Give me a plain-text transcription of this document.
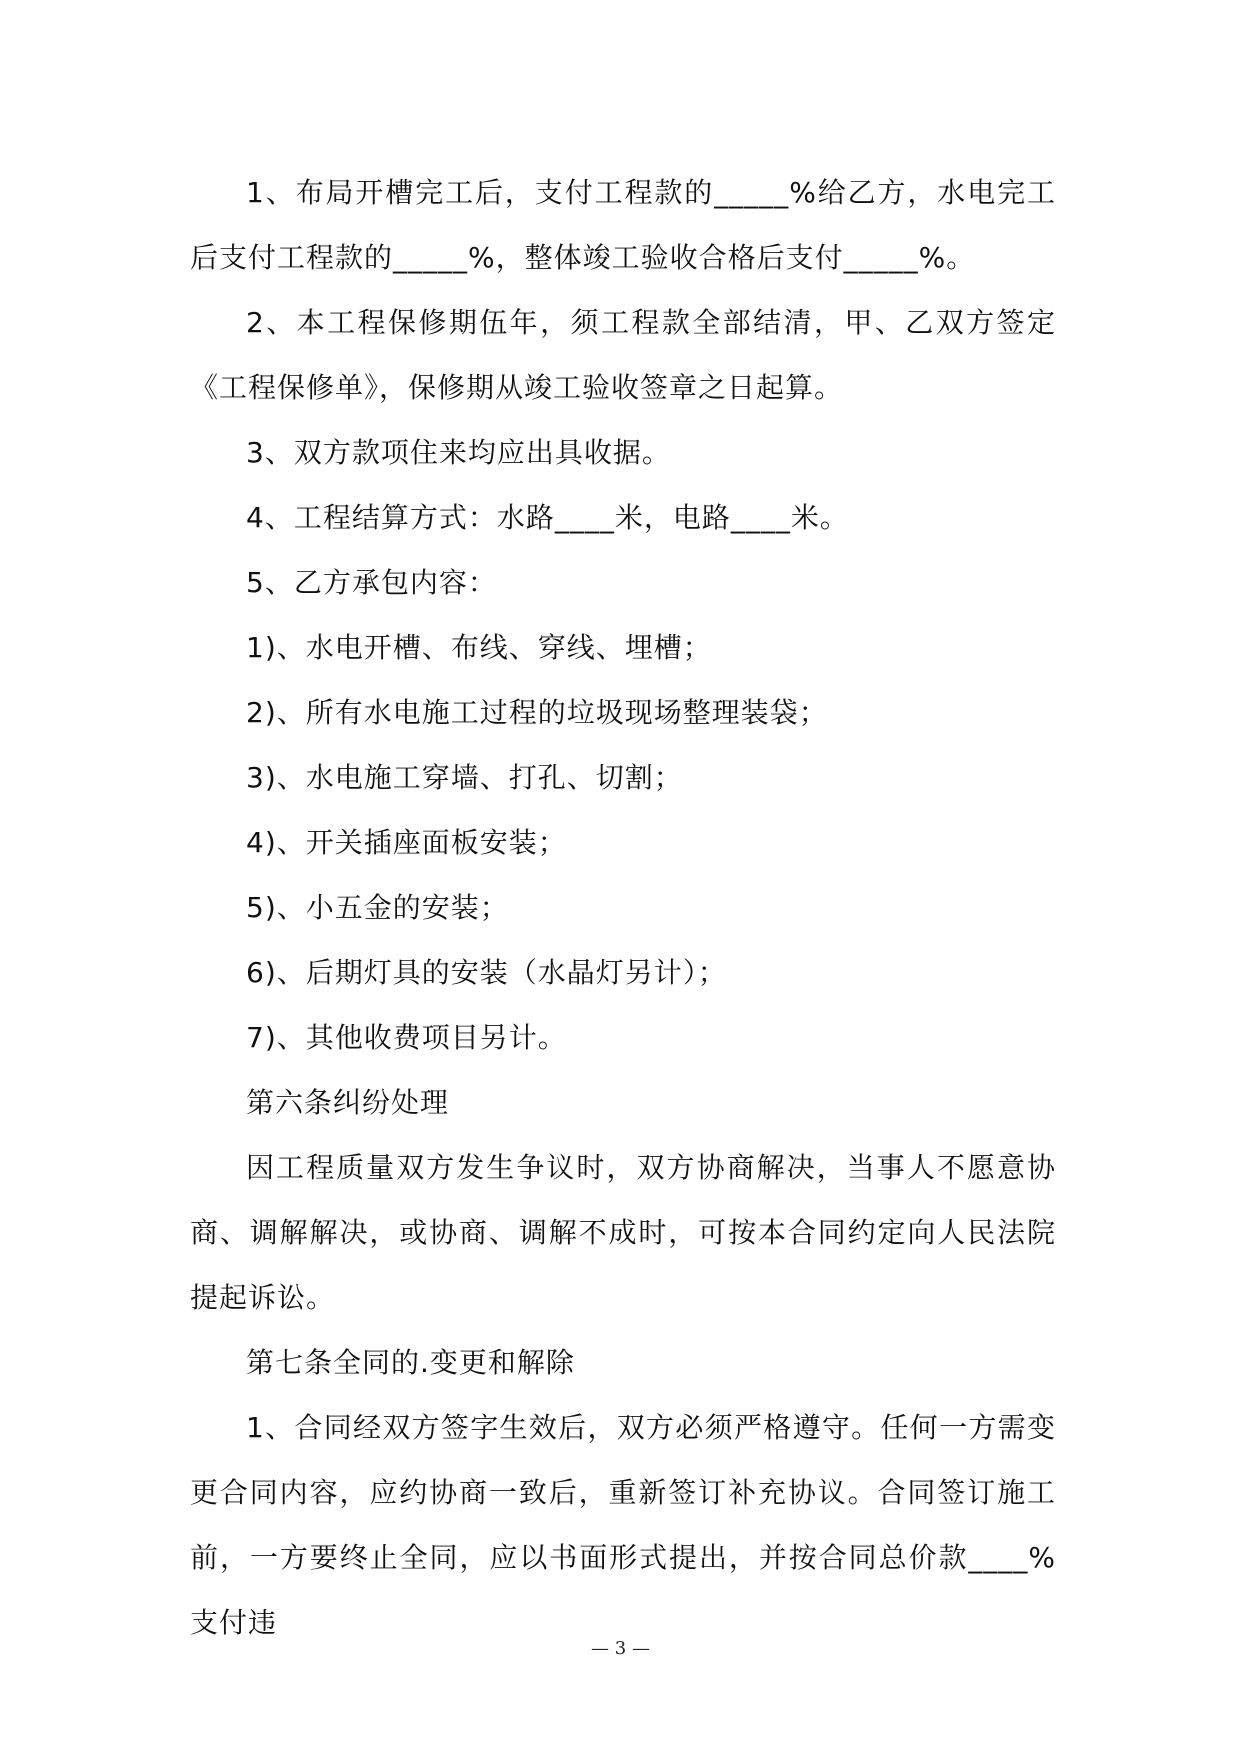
1、布局开槽完工后，支付工程款的_____%给乙方，水电完工后支付工程款的_____%，整体竣工验收合格后支付_____%。

2、本工程保修期伍年，须工程款全部结清，甲、乙双方签定《工程保修单》，保修期从竣工验收签章之日起算。

3、双方款项住来均应出具收据。

4、工程结算方式：水路____米，电路____米。

5、乙方承包内容：

1)、水电开槽、布线、穿线、埋槽；

2)、所有水电施工过程的垃圾现场整理装袋；

3)、水电施工穿墙、打孔、切割；

4)、开关插座面板安装；

5)、小五金的安装；

6)、后期灯具的安装（水晶灯另计）；

7)、其他收费项目另计。

第六条纠纷处理

因工程质量双方发生争议时，双方协商解决，当事人不愿意协商、调解解决，或协商、调解不成时，可按本合同约定向人民法院提起诉讼。

第七条全同的.变更和解除

1、合同经双方签字生效后，双方必须严格遵守。任何一方需变更合同内容，应约协商一致后，重新签订补充协议。合同签订施工前，一方要终止全同，应以书面形式提出，并按合同总价款____%支付违

— 3 —
